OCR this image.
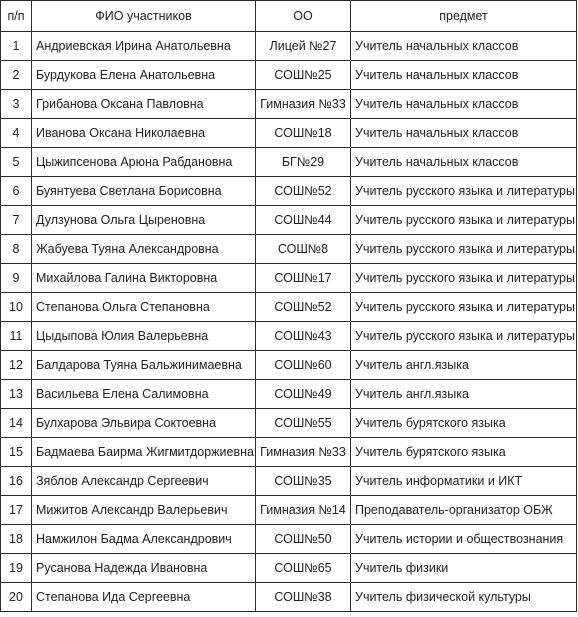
п/п	ФИО участников	ОО	предмет
1	Андриевская Ирина Анатольевна	Лицей №27	Учитель начальных классов
2	Бурдукова Елена Анатольевна	СОШ№25	Учитель начальных классов
3	Грибанова Оксана Павловна	Гимназия №33	Учитель начальных классов
4	Иванова Оксана Николаевна	СОШ№18	Учитель начальных классов
5	Цыжипсенова Арюна Рабдановна	БГ№29	Учитель начальных классов
6	Буянтуева Светлана Борисовна	СОШ№52	Учитель русского языка и литературы
7	Дулзунова Ольга Цыреновна	СОШ№44	Учитель русского языка и литературы
8	Жабуева Туяна Александровна	СОШ№8	Учитель русского языка и литературы
9	Михайлова Галина Викторовна	СОШ№17	Учитель русского языка и литературы
10	Степанова Ольга Степановна	СОШ№52	Учитель русского языка и литературы
11	Цыдыпова Юлия Валерьевна	СОШ№43	Учитель русского языка и литературы
12	Балдарова Туяна Бальжинимаевна	СОШ№60	Учитель англ.языка
13	Васильева Елена Салимовна	СОШ№49	Учитель англ.языка
14	Булхарова Эльвира Соктоевна	СОШ№55	Учитель бурятского языка
15	Бадмаева Баирма Жигмитдоржиевна	Гимназия №33	Учитель бурятского языка
16	Зяблов Александр Сергеевич	СОШ№35	Учитель информатики и ИКТ
17	Мижитов Александр Валерьевич	Гимназия №14	Преподаватель-организатор ОБЖ
18	Намжилон Бадма Александрович	СОШ№50	Учитель истории и обществознания
19	Русанова Надежда Ивановна	СОШ№65	Учитель физики
20	Степанова Ида Сергеевна	СОШ№38	Учитель физической культуры
